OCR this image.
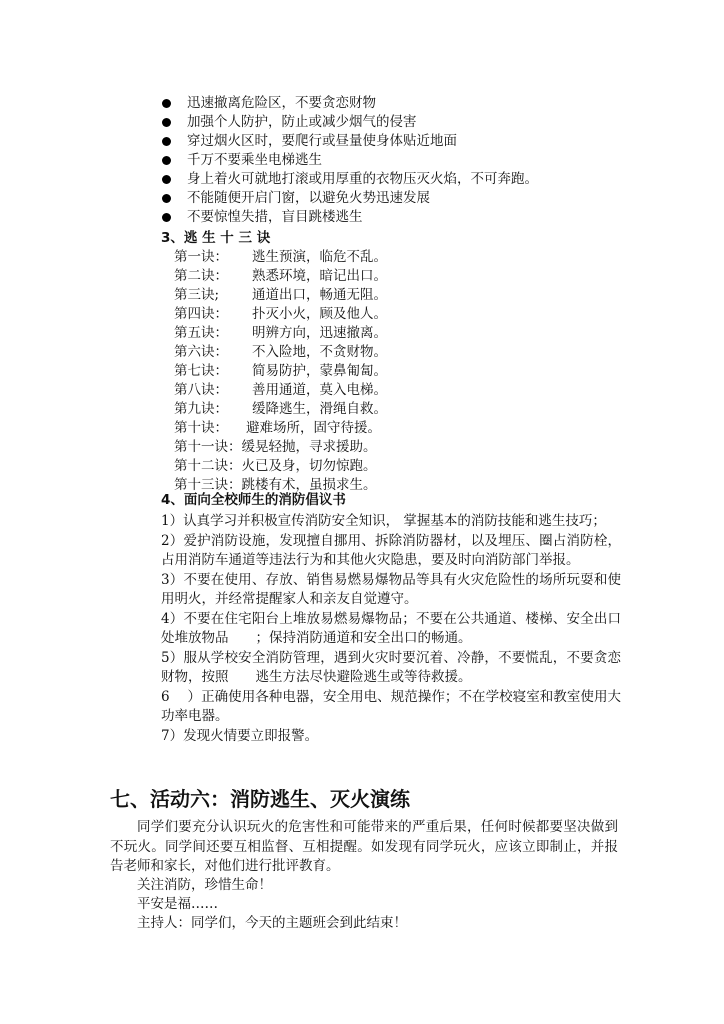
迅速撤离危险区，不要贪恋财物
加强个人防护，防止或减少烟气的侵害
穿过烟火区时，要爬行或昼量使身体贴近地面
千万不要乘坐电梯逃生
身上着火可就地打滚或用厚重的衣物压灭火焰，不可奔跑。
不能随便开启门窗，以避免火势迅速发展
不要惊惶失措，盲目跳楼逃生
3、逃 生 十 三 诀
第一诀： 逃生预演，临危不乱。
第二诀： 熟悉环境，暗记出口。
第三诀; 通道出口，畅通无阻。
第四诀： 扑灭小火，顾及他人。
第五诀： 明辨方向，迅速撤离。
第六诀： 不入险地，不贪财物。
第七诀： 简易防护，蒙鼻匍匐。
第八诀： 善用通道，莫入电梯。
第九诀： 缓降逃生，滑绳自救。
第十诀： 避难场所，固守待援。
第十一诀：缓晃轻抛，寻求援助。
第十二诀：火已及身，切勿惊跑。
第十三诀：跳楼有术，虽损求生。
4、面向全校师生的消防倡议书

1）认真学习并积极宣传消防安全知识， 掌握基本的消防技能和逃生技巧；

2）爱护消防设施，发现擅自挪用、拆除消防器材，以及埋压、圈占消防栓， 占用消防车通道等违法行为和其他火灾隐患，要及时向消防部门举报。

3）不要在使用、存放、销售易燃易爆物品等具有火灾危险性的场所玩耍和使用明火，并经常提醒家人和亲友自觉遵守。

4）不要在住宅阳台上堆放易燃易爆物品；不要在公共通道、楼梯、安全出口处堆放物品　　；保持消防通道和安全出口的畅通。

5）服从学校安全消防管理，遇到火灾时要沉着、冷静，不要慌乱，不要贪恋财物，按照　　逃生方法尽快避险逃生或等待救援。

6　 ）正确使用各种电器，安全用电、规范操作；不在学校寝室和教室使用大功率电器。

7）发现火情要立即报警。

七、活动六：消防逃生、灭火演练

同学们要充分认识玩火的危害性和可能带来的严重后果，任何时候都要坚决做到不玩火。同学间还要互相监督、互相提醒。如发现有同学玩火，应该立即制止，并报告老师和家长，对他们进行批评教育。

关注消防，珍惜生命！
平安是福……
主持人：同学们，今天的主题班会到此结束！
